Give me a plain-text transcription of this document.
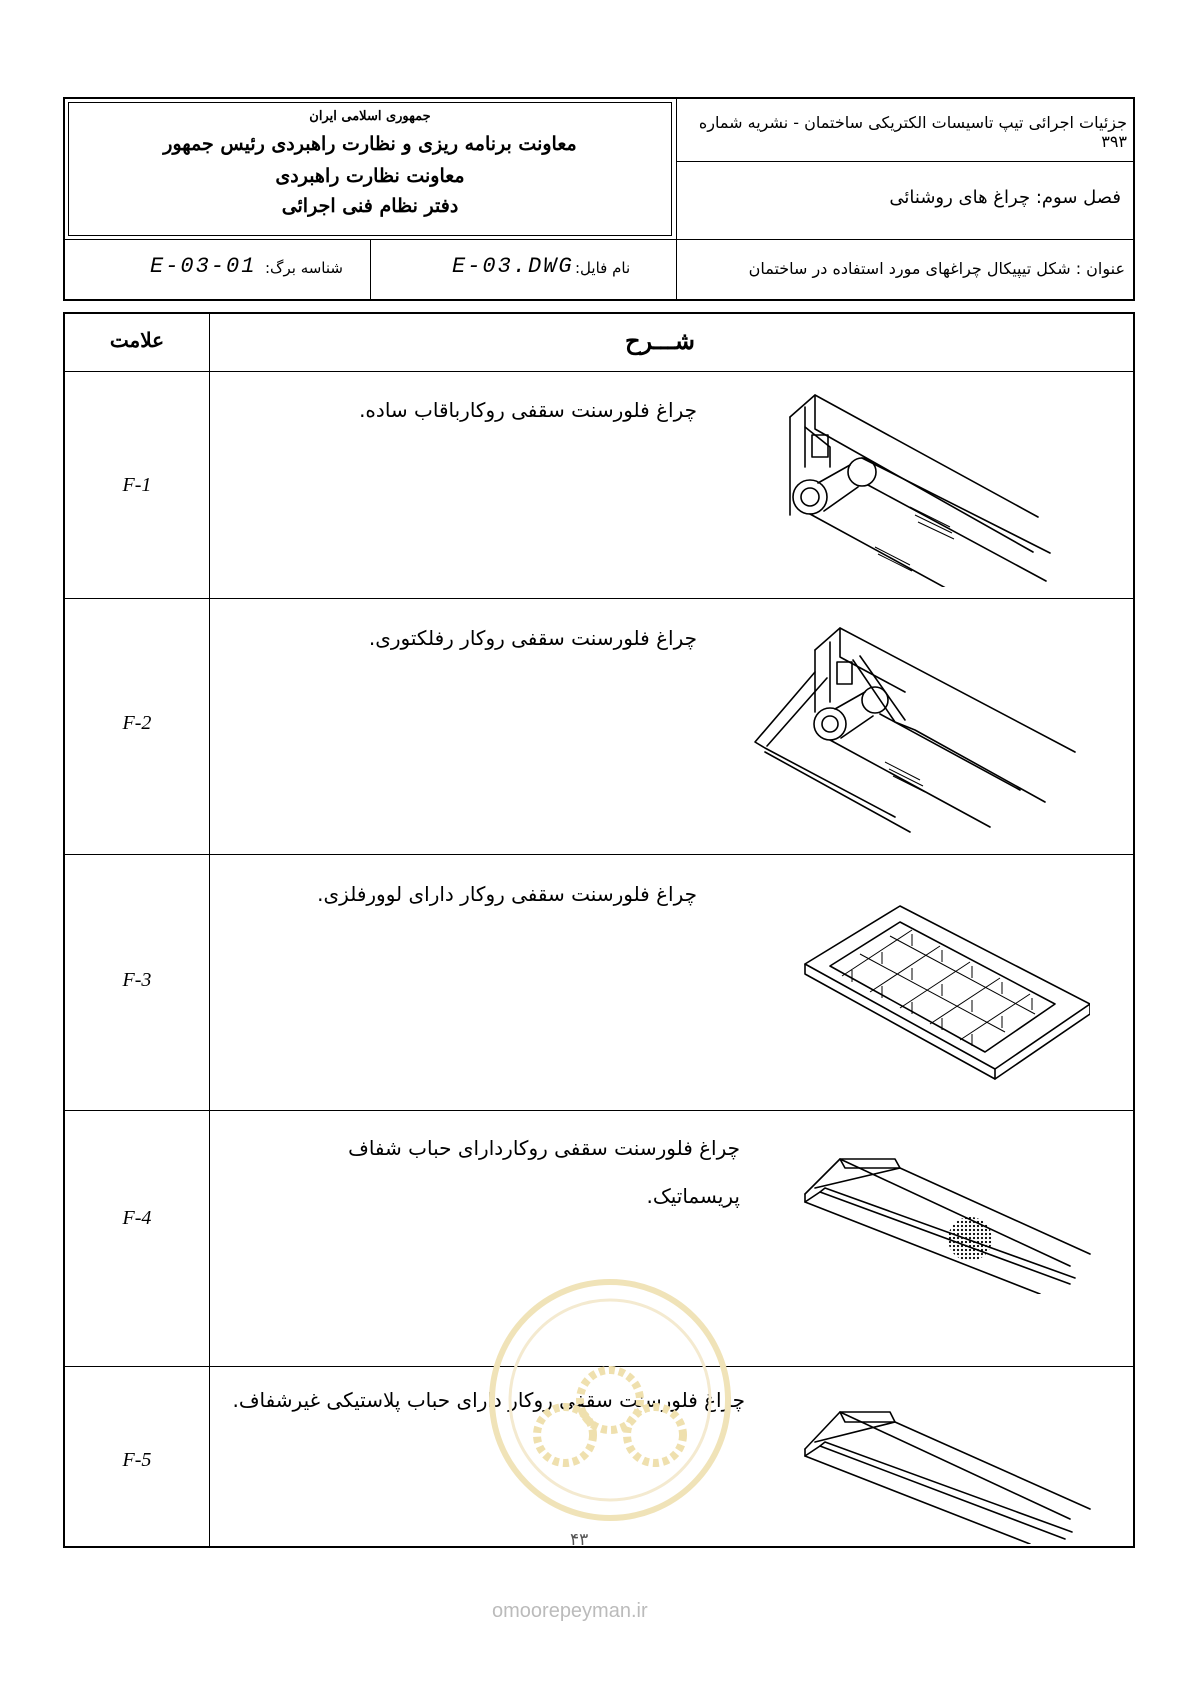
جمهوری اسلامی ایران
معاونت برنامه ریزی و نظارت راهبردی رئیس جمهور
معاونت نظارت راهبردی
دفتر نظام فنی اجرائی
جزئیات اجرائی تیپ تاسیسات الکتریکی ساختمان - نشریه شماره ۳۹۳
فصل سوم: چراغ های روشنائی
عنوان : شکل تیپیکال چراغهای مورد استفاده در ساختمان
نام فایل:
E-03.DWG
شناسه برگ:
E-03-01
علامت	شـــرح
F-1
چراغ فلورسنت سقفی روکارباقاب ساده.
F-2
چراغ فلورسنت سقفی روکار رفلکتوری.
F-3
چراغ فلورسنت سقفی روکار دارای لوورفلزی.
F-4
چراغ فلورسنت سقفی روکاردارای حباب شفاف پریسماتیک.
F-5
چراغ فلورسنت سقفی روکار دارای حباب پلاستیکی غیرشفاف.
۴۳
omoorepeyman.ir
